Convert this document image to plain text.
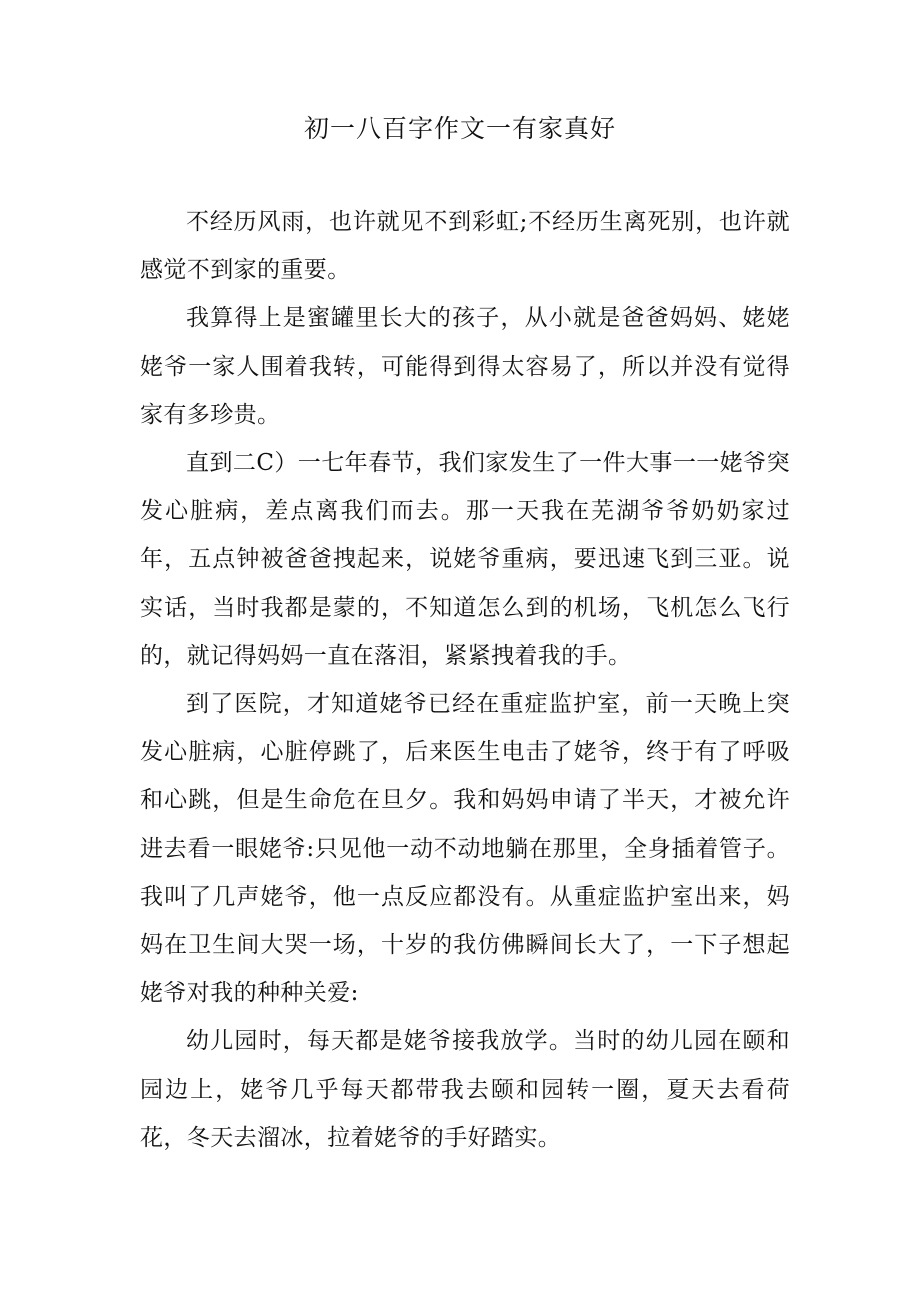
初一八百字作文一有家真好

不经历风雨，也许就见不到彩虹;不经历生离死别，也许就感觉不到家的重要。

我算得上是蜜罐里长大的孩子，从小就是爸爸妈妈、姥姥姥爷一家人围着我转，可能得到得太容易了，所以并没有觉得家有多珍贵。

直到二C）一七年春节，我们家发生了一件大事一一姥爷突发心脏病，差点离我们而去。那一天我在芜湖爷爷奶奶家过年，五点钟被爸爸拽起来，说姥爷重病，要迅速飞到三亚。说实话，当时我都是蒙的，不知道怎么到的机场，飞机怎么飞行的，就记得妈妈一直在落泪，紧紧拽着我的手。

到了医院，才知道姥爷已经在重症监护室，前一天晚上突发心脏病，心脏停跳了，后来医生电击了姥爷，终于有了呼吸和心跳，但是生命危在旦夕。我和妈妈申请了半天，才被允许进去看一眼姥爷:只见他一动不动地躺在那里，全身插着管子。我叫了几声姥爷，他一点反应都没有。从重症监护室出来，妈妈在卫生间大哭一场，十岁的我仿佛瞬间长大了，一下子想起姥爷对我的种种关爱:

幼儿园时，每天都是姥爷接我放学。当时的幼儿园在颐和园边上，姥爷几乎每天都带我去颐和园转一圈，夏天去看荷花，冬天去溜冰，拉着姥爷的手好踏实。
